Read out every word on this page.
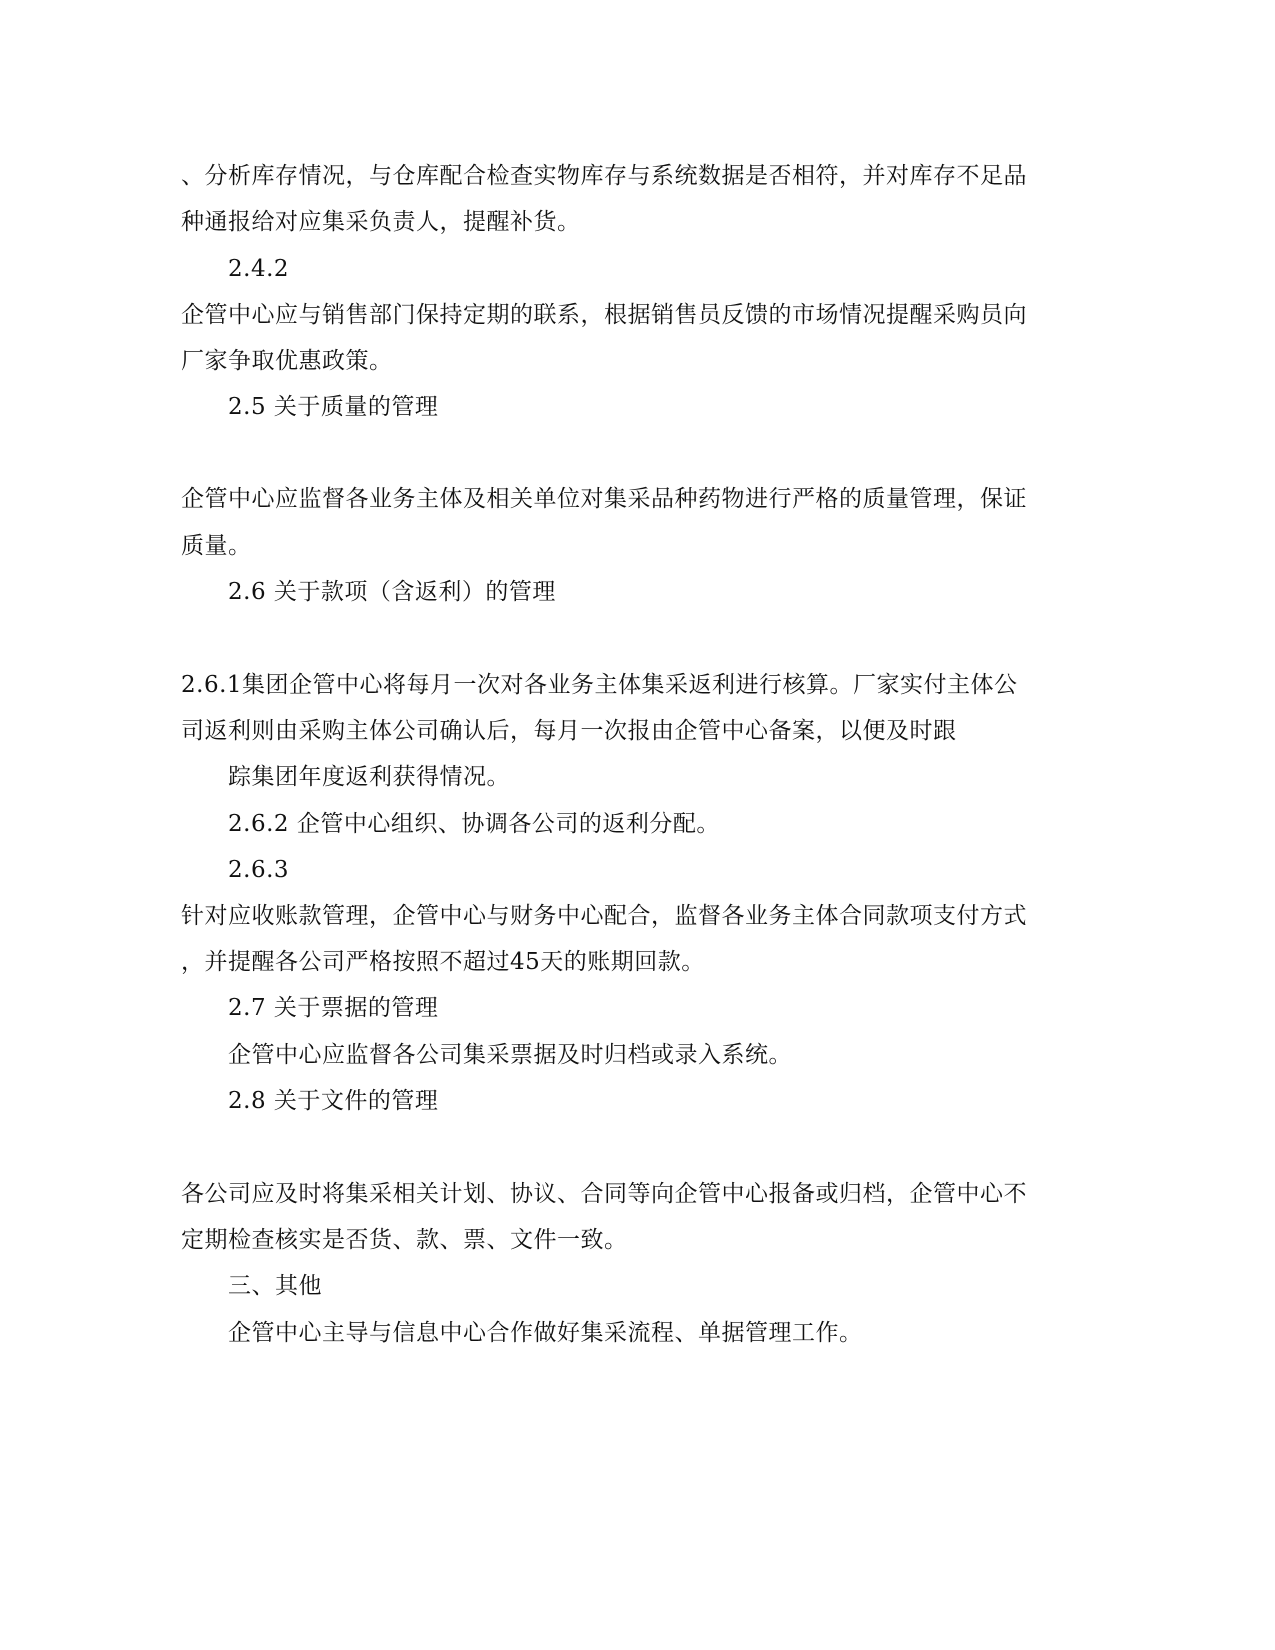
、分析库存情况，与仓库配合检查实物库存与系统数据是否相符，并对库存不足品
种通报给对应集采负责人，提醒补货。
2.4.2
企管中心应与销售部门保持定期的联系，根据销售员反馈的市场情况提醒采购员向
厂家争取优惠政策。
2.5 关于质量的管理
企管中心应监督各业务主体及相关单位对集采品种药物进行严格的质量管理，保证
质量。
2.6 关于款项（含返利）的管理
2.6.1集团企管中心将每月一次对各业务主体集采返利进行核算。厂家实付主体公
司返利则由采购主体公司确认后，每月一次报由企管中心备案，以便及时跟
踪集团年度返利获得情况。
2.6.2 企管中心组织、协调各公司的返利分配。
2.6.3
针对应收账款管理，企管中心与财务中心配合，监督各业务主体合同款项支付方式
，并提醒各公司严格按照不超过45天的账期回款。
2.7 关于票据的管理
企管中心应监督各公司集采票据及时归档或录入系统。
2.8 关于文件的管理
各公司应及时将集采相关计划、协议、合同等向企管中心报备或归档，企管中心不
定期检查核实是否货、款、票、文件一致。
三、其他
企管中心主导与信息中心合作做好集采流程、单据管理工作。
